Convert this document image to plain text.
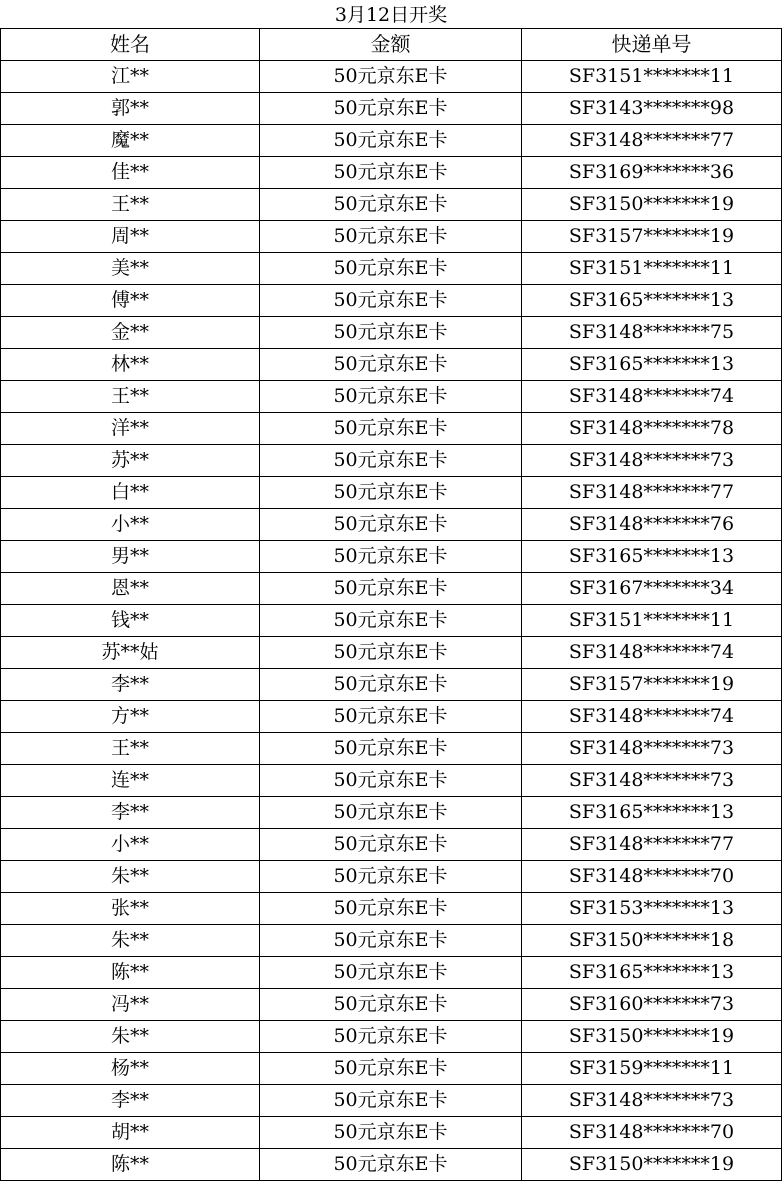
3月12日开奖
姓名	金额	快递单号
江**	50元京东E卡	SF3151*******11
郭**	50元京东E卡	SF3143*******98
魔**	50元京东E卡	SF3148*******77
佳**	50元京东E卡	SF3169*******36
王**	50元京东E卡	SF3150*******19
周**	50元京东E卡	SF3157*******19
美**	50元京东E卡	SF3151*******11
傅**	50元京东E卡	SF3165*******13
金**	50元京东E卡	SF3148*******75
林**	50元京东E卡	SF3165*******13
王**	50元京东E卡	SF3148*******74
洋**	50元京东E卡	SF3148*******78
苏**	50元京东E卡	SF3148*******73
白**	50元京东E卡	SF3148*******77
小**	50元京东E卡	SF3148*******76
男**	50元京东E卡	SF3165*******13
恩**	50元京东E卡	SF3167*******34
钱**	50元京东E卡	SF3151*******11
苏**姑	50元京东E卡	SF3148*******74
李**	50元京东E卡	SF3157*******19
方**	50元京东E卡	SF3148*******74
王**	50元京东E卡	SF3148*******73
连**	50元京东E卡	SF3148*******73
李**	50元京东E卡	SF3165*******13
小**	50元京东E卡	SF3148*******77
朱**	50元京东E卡	SF3148*******70
张**	50元京东E卡	SF3153*******13
朱**	50元京东E卡	SF3150*******18
陈**	50元京东E卡	SF3165*******13
冯**	50元京东E卡	SF3160*******73
朱**	50元京东E卡	SF3150*******19
杨**	50元京东E卡	SF3159*******11
李**	50元京东E卡	SF3148*******73
胡**	50元京东E卡	SF3148*******70
陈**	50元京东E卡	SF3150*******19
